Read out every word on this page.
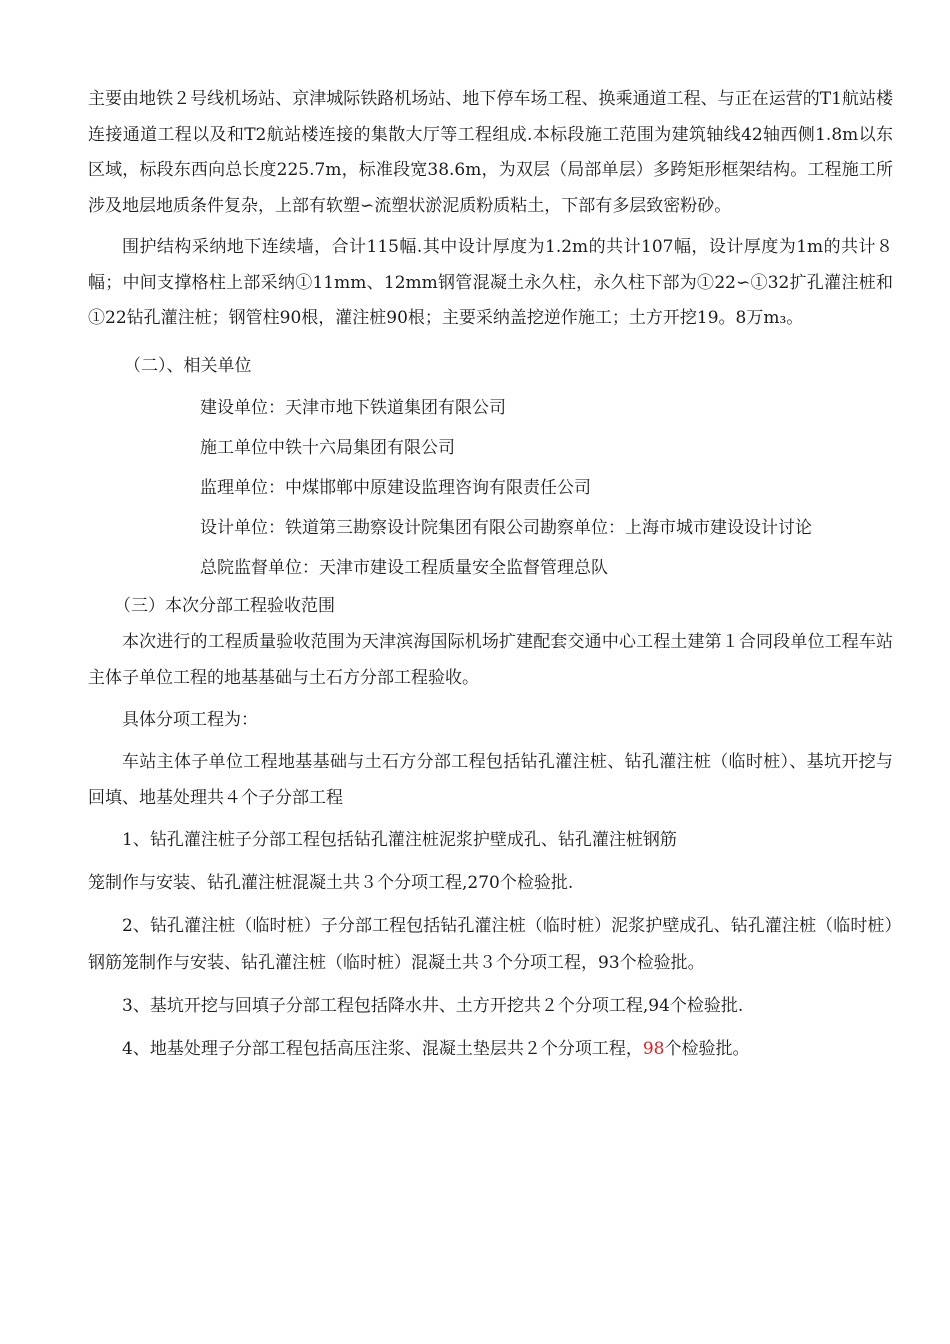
主要由地铁２号线机场站、京津城际铁路机场站、地下停车场工程、换乘通道工程、与正在运营的T1航站楼连接通道工程以及和T2航站楼连接的集散大厅等工程组成.本标段施工范围为建筑轴线42轴西侧1.8m以东区域，标段东西向总长度225.7m，标准段宽38.6m，为双层（局部单层）多跨矩形框架结构。工程施工所涉及地层地质条件复杂，上部有软塑∽流塑状淤泥质粉质粘土，下部有多层致密粉砂。

围护结构采纳地下连续墙，合计115幅.其中设计厚度为1.2m的共计107幅，设计厚度为1m的共计８幅；中间支撑格柱上部采纳①11mm、12mm钢管混凝土永久柱，永久柱下部为①22∽①32扩孔灌注桩和①22钻孔灌注桩；钢管柱90根，灌注桩90根；主要采纳盖挖逆作施工；土方开挖19。8万m₃。

（二）、相关单位

建设单位：天津市地下铁道集团有限公司
施工单位中铁十六局集团有限公司
监理单位：中煤邯郸中原建设监理咨询有限责任公司
设计单位：铁道第三勘察设计院集团有限公司勘察单位：上海市城市建设设计讨论
总院监督单位：天津市建设工程质量安全监督管理总队

（三）本次分部工程验收范围

本次进行的工程质量验收范围为天津滨海国际机场扩建配套交通中心工程土建第１合同段单位工程车站主体子单位工程的地基基础与土石方分部工程验收。

具体分项工程为：

车站主体子单位工程地基基础与土石方分部工程包括钻孔灌注桩、钻孔灌注桩（临时桩）、基坑开挖与回填、地基处理共４个子分部工程

1、钻孔灌注桩子分部工程包括钻孔灌注桩泥浆护壁成孔、钻孔灌注桩钢筋

笼制作与安装、钻孔灌注桩混凝土共３个分项工程,270个检验批.

2、钻孔灌注桩（临时桩）子分部工程包括钻孔灌注桩（临时桩）泥浆护壁成孔、钻孔灌注桩（临时桩）钢筋笼制作与安装、钻孔灌注桩（临时桩）混凝土共３个分项工程，93个检验批。

3、基坑开挖与回填子分部工程包括降水井、土方开挖共２个分项工程,94个检验批.

4、地基处理子分部工程包括高压注浆、混凝土垫层共２个分项工程，98个检验批。
